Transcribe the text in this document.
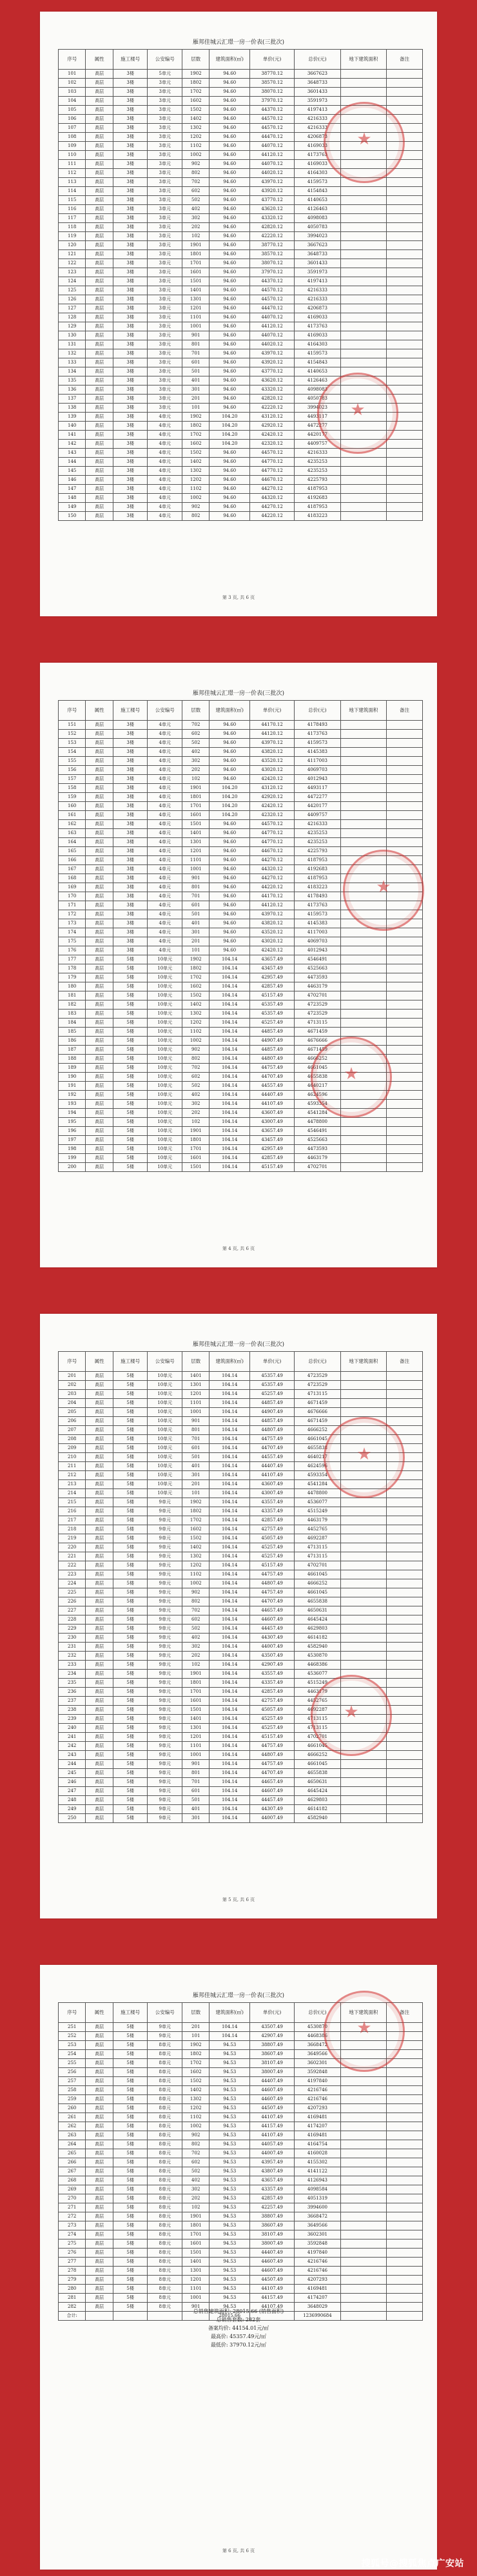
雁邦佳城云汇璟一房一价表(三批次)
序号	属性	施工楼号	公安编号	层数	建筑面积(㎡)	单价(元)	总价(元)	地下建筑面积	备注
101	高层	3楼	5单元	1902	94.60	38770.12	3667623		
102	高层	3楼	3单元	1802	94.60	38570.12	3648733		
103	高层	3楼	3单元	1702	94.60	38070.12	3601433		
104	高层	3楼	3单元	1602	94.60	37970.12	3591973		
105	高层	3楼	3单元	1502	94.60	44370.12	4197413		
106	高层	3楼	3单元	1402	94.60	44570.12	4216333		
107	高层	3楼	3单元	1302	94.60	44570.12	4216333		
108	高层	3楼	3单元	1202	94.60	44470.12	4206873		
109	高层	3楼	3单元	1102	94.60	44070.12	4169033		
110	高层	3楼	3单元	1002	94.60	44120.12	4173763		
111	高层	3楼	3单元	902	94.60	44070.12	4169033		
112	高层	3楼	3单元	802	94.60	44020.12	4164303		
113	高层	3楼	3单元	702	94.60	43970.12	4159573		
114	高层	3楼	3单元	602	94.60	43920.12	4154843		
115	高层	3楼	3单元	502	94.60	43770.12	4140653		
116	高层	3楼	3单元	402	94.60	43620.12	4126463		
117	高层	3楼	3单元	302	94.60	43320.12	4098083		
118	高层	3楼	3单元	202	94.60	42820.12	4050783		
119	高层	3楼	3单元	102	94.60	42220.12	3994023		
120	高层	3楼	3单元	1901	94.60	38770.12	3667623		
121	高层	3楼	3单元	1801	94.60	38570.12	3648733		
122	高层	3楼	3单元	1701	94.60	38070.12	3601433		
123	高层	3楼	3单元	1601	94.60	37970.12	3591973		
124	高层	3楼	3单元	1501	94.60	44370.12	4197413		
125	高层	3楼	3单元	1401	94.60	44570.12	4216333		
126	高层	3楼	3单元	1301	94.60	44570.12	4216333		
127	高层	3楼	3单元	1201	94.60	44470.12	4206873		
128	高层	3楼	3单元	1101	94.60	44070.12	4169033		
129	高层	3楼	3单元	1001	94.60	44120.12	4173763		
130	高层	3楼	3单元	901	94.60	44070.12	4169033		
131	高层	3楼	3单元	801	94.60	44020.12	4164303		
132	高层	3楼	3单元	701	94.60	43970.12	4159573		
133	高层	3楼	3单元	601	94.60	43920.12	4154843		
134	高层	3楼	3单元	501	94.60	43770.12	4140653		
135	高层	3楼	3单元	401	94.60	43620.12	4126463		
136	高层	3楼	3单元	301	94.60	43320.12	4098083		
137	高层	3楼	3单元	201	94.60	42820.12	4050783		
138	高层	3楼	3单元	101	94.60	42220.12	3994023		
139	高层	3楼	4单元	1902	104.20	43120.12	4493117		
140	高层	3楼	4单元	1802	104.20	42920.12	4472277		
141	高层	3楼	4单元	1702	104.20	42420.12	4420177		
142	高层	3楼	4单元	1602	104.20	42320.12	4409757		
143	高层	3楼	4单元	1502	94.60	44570.12	4216333		
144	高层	3楼	4单元	1402	94.60	44770.12	4235253		
145	高层	3楼	4单元	1302	94.60	44770.12	4235253		
146	高层	3楼	4单元	1202	94.60	44670.12	4225793		
147	高层	3楼	4单元	1102	94.60	44270.12	4187953		
148	高层	3楼	4单元	1002	94.60	44320.12	4192683		
149	高层	3楼	4单元	902	94.60	44270.12	4187953		
150	高层	3楼	4单元	802	94.60	44220.12	4183223		
★
★
第 3 页, 共 6 页
雁邦佳城云汇璟一房一价表(三批次)
序号	属性	施工楼号	公安编号	层数	建筑面积(㎡)	单价(元)	总价(元)	地下建筑面积	备注
151	高层	3楼	4单元	702	94.60	44170.12	4178493		
152	高层	3楼	4单元	602	94.60	44120.12	4173763		
153	高层	3楼	4单元	502	94.60	43970.12	4159573		
154	高层	3楼	4单元	402	94.60	43820.12	4145383		
155	高层	3楼	4单元	302	94.60	43520.12	4117003		
156	高层	3楼	4单元	202	94.60	43020.12	4069703		
157	高层	3楼	4单元	102	94.60	42420.12	4012943		
158	高层	3楼	4单元	1901	104.20	43120.12	4493117		
159	高层	3楼	4单元	1801	104.20	42920.12	4472277		
160	高层	3楼	4单元	1701	104.20	42420.12	4420177		
161	高层	3楼	4单元	1601	104.20	42320.12	4409757		
162	高层	3楼	4单元	1501	94.60	44570.12	4216333		
163	高层	3楼	4单元	1401	94.60	44770.12	4235253		
164	高层	3楼	4单元	1301	94.60	44770.12	4235253		
165	高层	3楼	4单元	1201	94.60	44670.12	4225793		
166	高层	3楼	4单元	1101	94.60	44270.12	4187953		
167	高层	3楼	4单元	1001	94.60	44320.12	4192683		
168	高层	3楼	4单元	901	94.60	44270.12	4187953		
169	高层	3楼	4单元	801	94.60	44220.12	4183223		
170	高层	3楼	4单元	701	94.60	44170.12	4178493		
171	高层	3楼	4单元	601	94.60	44120.12	4173763		
172	高层	3楼	4单元	501	94.60	43970.12	4159573		
173	高层	3楼	4单元	401	94.60	43820.12	4145383		
174	高层	3楼	4单元	301	94.60	43520.12	4117003		
175	高层	3楼	4单元	201	94.60	43020.12	4069703		
176	高层	3楼	4单元	101	94.60	42420.12	4012943		
177	高层	5楼	10单元	1902	104.14	43657.49	4546491		
178	高层	5楼	10单元	1802	104.14	43457.49	4525663		
179	高层	5楼	10单元	1702	104.14	42957.49	4473593		
180	高层	5楼	10单元	1602	104.14	42857.49	4463179		
181	高层	5楼	10单元	1502	104.14	45157.49	4702701		
182	高层	5楼	10单元	1402	104.14	45357.49	4723529		
183	高层	5楼	10单元	1302	104.14	45357.49	4723529		
184	高层	5楼	10单元	1202	104.14	45257.49	4713115		
185	高层	5楼	10单元	1102	104.14	44857.49	4671459		
186	高层	5楼	10单元	1002	104.14	44907.49	4676666		
187	高层	5楼	10单元	902	104.14	44857.49	4671459		
188	高层	5楼	10单元	802	104.14	44807.49	4666252		
189	高层	5楼	10单元	702	104.14	44757.49	4661045		
190	高层	5楼	10单元	602	104.14	44707.49	4655838		
191	高层	5楼	10单元	502	104.14	44557.49	4640217		
192	高层	5楼	10单元	402	104.14	44407.49	4624596		
193	高层	5楼	10单元	302	104.14	44107.49	4593354		
194	高层	5楼	10单元	202	104.14	43607.49	4541284		
195	高层	5楼	10单元	102	104.14	43007.49	4478800		
196	高层	5楼	10单元	1901	104.14	43657.49	4546491		
197	高层	5楼	10单元	1801	104.14	43457.49	4525663		
198	高层	5楼	10单元	1701	104.14	42957.49	4473593		
199	高层	5楼	10单元	1601	104.14	42857.49	4463179		
200	高层	5楼	10单元	1501	104.14	45157.49	4702701		
★
★
第 4 页, 共 6 页
雁邦佳城云汇璟一房一价表(三批次)
序号	属性	施工楼号	公安编号	层数	建筑面积(㎡)	单价(元)	总价(元)	地下建筑面积	备注
201	高层	5楼	10单元	1401	104.14	45357.49	4723529		
202	高层	5楼	10单元	1301	104.14	45357.49	4723529		
203	高层	5楼	10单元	1201	104.14	45257.49	4713115		
204	高层	5楼	10单元	1101	104.14	44857.49	4671459		
205	高层	5楼	10单元	1001	104.14	44907.49	4676666		
206	高层	5楼	10单元	901	104.14	44857.49	4671459		
207	高层	5楼	10单元	801	104.14	44807.49	4666252		
208	高层	5楼	10单元	701	104.14	44757.49	4661045		
209	高层	5楼	10单元	601	104.14	44707.49	4655838		
210	高层	5楼	10单元	501	104.14	44557.49	4640217		
211	高层	5楼	10单元	401	104.14	44407.49	4624596		
212	高层	5楼	10单元	301	104.14	44107.49	4593354		
213	高层	5楼	10单元	201	104.14	43607.49	4541284		
214	高层	5楼	10单元	101	104.14	43007.49	4478800		
215	高层	5楼	9单元	1902	104.14	43557.49	4536077		
216	高层	5楼	9单元	1802	104.14	43357.49	4515249		
217	高层	5楼	9单元	1702	104.14	42857.49	4463179		
218	高层	5楼	9单元	1602	104.14	42757.49	4452765		
219	高层	5楼	9单元	1502	104.14	45057.49	4692287		
220	高层	5楼	9单元	1402	104.14	45257.49	4713115		
221	高层	5楼	9单元	1302	104.14	45257.49	4713115		
222	高层	5楼	9单元	1202	104.14	45157.49	4702701		
223	高层	5楼	9单元	1102	104.14	44757.49	4661045		
224	高层	5楼	9单元	1002	104.14	44807.49	4666252		
225	高层	5楼	9单元	902	104.14	44757.49	4661045		
226	高层	5楼	9单元	802	104.14	44707.49	4655838		
227	高层	5楼	9单元	702	104.14	44657.49	4650631		
228	高层	5楼	9单元	602	104.14	44607.49	4645424		
229	高层	5楼	9单元	502	104.14	44457.49	4629803		
230	高层	5楼	9单元	402	104.14	44307.49	4614182		
231	高层	5楼	9单元	302	104.14	44007.49	4582940		
232	高层	5楼	9单元	202	104.14	43507.49	4530870		
233	高层	5楼	9单元	102	104.14	42907.49	4468386		
234	高层	5楼	9单元	1901	104.14	43557.49	4536077		
235	高层	5楼	9单元	1801	104.14	43357.49	4515249		
236	高层	5楼	9单元	1701	104.14	42857.49	4463179		
237	高层	5楼	9单元	1601	104.14	42757.49	4452765		
238	高层	5楼	9单元	1501	104.14	45057.49	4692287		
239	高层	5楼	9单元	1401	104.14	45257.49	4713115		
240	高层	5楼	9单元	1301	104.14	45257.49	4713115		
241	高层	5楼	9单元	1201	104.14	45157.49	4702701		
242	高层	5楼	9单元	1101	104.14	44757.49	4661045		
243	高层	5楼	9单元	1001	104.14	44807.49	4666252		
244	高层	5楼	9单元	901	104.14	44757.49	4661045		
245	高层	5楼	9单元	801	104.14	44707.49	4655838		
246	高层	5楼	9单元	701	104.14	44657.49	4650631		
247	高层	5楼	9单元	601	104.14	44607.49	4645424		
248	高层	5楼	9单元	501	104.14	44457.49	4629803		
249	高层	5楼	9单元	401	104.14	44307.49	4614182		
250	高层	5楼	9单元	301	104.14	44007.49	4582940		
★
★
第 5 页, 共 6 页
雁邦佳城云汇璟一房一价表(三批次)
序号	属性	施工楼号	公安编号	层数	建筑面积(㎡)	单价(元)	总价(元)	地下建筑面积	备注
251	高层	5楼	9单元	201	104.14	43507.49	4530870		
252	高层	5楼	9单元	101	104.14	42907.49	4468386		
253	高层	5楼	8单元	1902	94.53	38807.49	3668472		
254	高层	5楼	8单元	1802	94.53	38607.49	3649566		
255	高层	5楼	8单元	1702	94.53	38107.49	3602301		
256	高层	5楼	8单元	1602	94.53	38007.49	3592848		
257	高层	5楼	8单元	1502	94.53	44407.49	4197840		
258	高层	5楼	8单元	1402	94.53	44607.49	4216746		
259	高层	5楼	8单元	1302	94.53	44607.49	4216746		
260	高层	5楼	8单元	1202	94.53	44507.49	4207293		
261	高层	5楼	8单元	1102	94.53	44107.49	4169481		
262	高层	5楼	8单元	1002	94.53	44157.49	4174207		
263	高层	5楼	8单元	902	94.53	44107.49	4169481		
264	高层	5楼	8单元	802	94.53	44057.49	4164754		
265	高层	5楼	8单元	702	94.53	44007.49	4160028		
266	高层	5楼	8单元	602	94.53	43957.49	4155302		
267	高层	5楼	8单元	502	94.53	43807.49	4141122		
268	高层	5楼	8单元	402	94.53	43657.49	4126943		
269	高层	5楼	8单元	302	94.53	43357.49	4098584		
270	高层	5楼	8单元	202	94.53	42857.49	4051319		
271	高层	5楼	8单元	102	94.53	42257.49	3994600		
272	高层	5楼	8单元	1901	94.53	38807.49	3668472		
273	高层	5楼	8单元	1801	94.53	38607.49	3649566		
274	高层	5楼	8单元	1701	94.53	38107.49	3602301		
275	高层	5楼	8单元	1601	94.53	38007.49	3592848		
276	高层	5楼	8单元	1501	94.53	44407.49	4197840		
277	高层	5楼	8单元	1401	94.53	44607.49	4216746		
278	高层	5楼	8单元	1301	94.53	44607.49	4216746		
279	高层	5楼	8单元	1201	94.53	44507.49	4207293		
280	高层	5楼	8单元	1101	94.53	44107.49	4169481		
281	高层	5楼	8单元	1001	94.53	44157.49	4174207		
282	高层	5楼	8单元	901	94.53	44107.49	3648029		
合计:					28015.66		1236990684		
总销售建筑面积: 28015.66 (销售面积)
总销售套数: 282套
备案均价: 44154.01元/㎡
最高价: 45357.49元/㎡
最低价: 37970.12元/㎡
★
第 6 页, 共 6 页
搜狐号@搜狐焦点广安站
